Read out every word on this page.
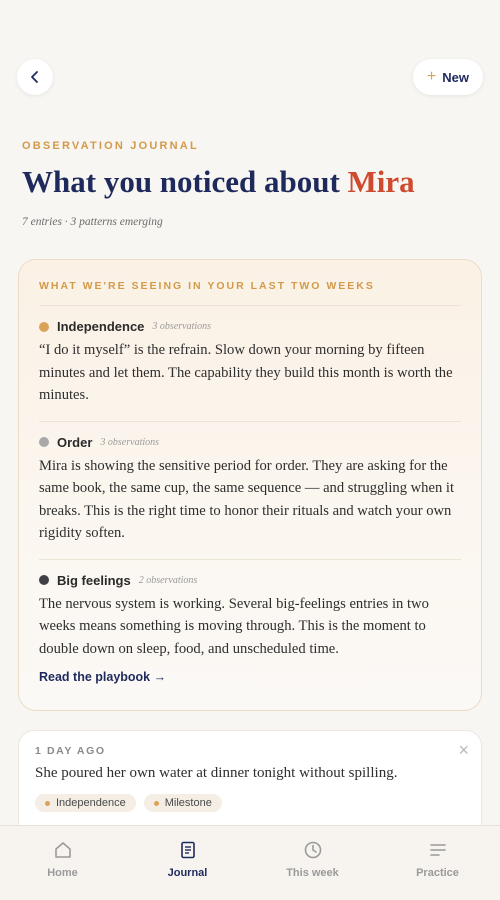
+ New
OBSERVATION JOURNAL
What you noticed about Mira
7 entries · 3 patterns emerging
WHAT WE'RE SEEING IN YOUR LAST TWO WEEKS
Independence 3 observations

“I do it myself” is the refrain. Slow down your morning by fifteen minutes and let them. The capability they build this month is worth the minutes.

Order 3 observations

Mira is showing the sensitive period for order. They are asking for the same book, the same cup, the same sequence — and struggling when it breaks. This is the right time to honor their rituals and watch your own rigidity soften.

Big feelings 2 observations

The nervous system is working. Several big-feelings entries in two weeks means something is moving through. This is the moment to double down on sleep, food, and unscheduled time.

Read the playbook →
1 DAY AGO	×

She poured her own water at dinner tonight without spilling.

Independence	Milestone
Home	Journal	This week	Practice
